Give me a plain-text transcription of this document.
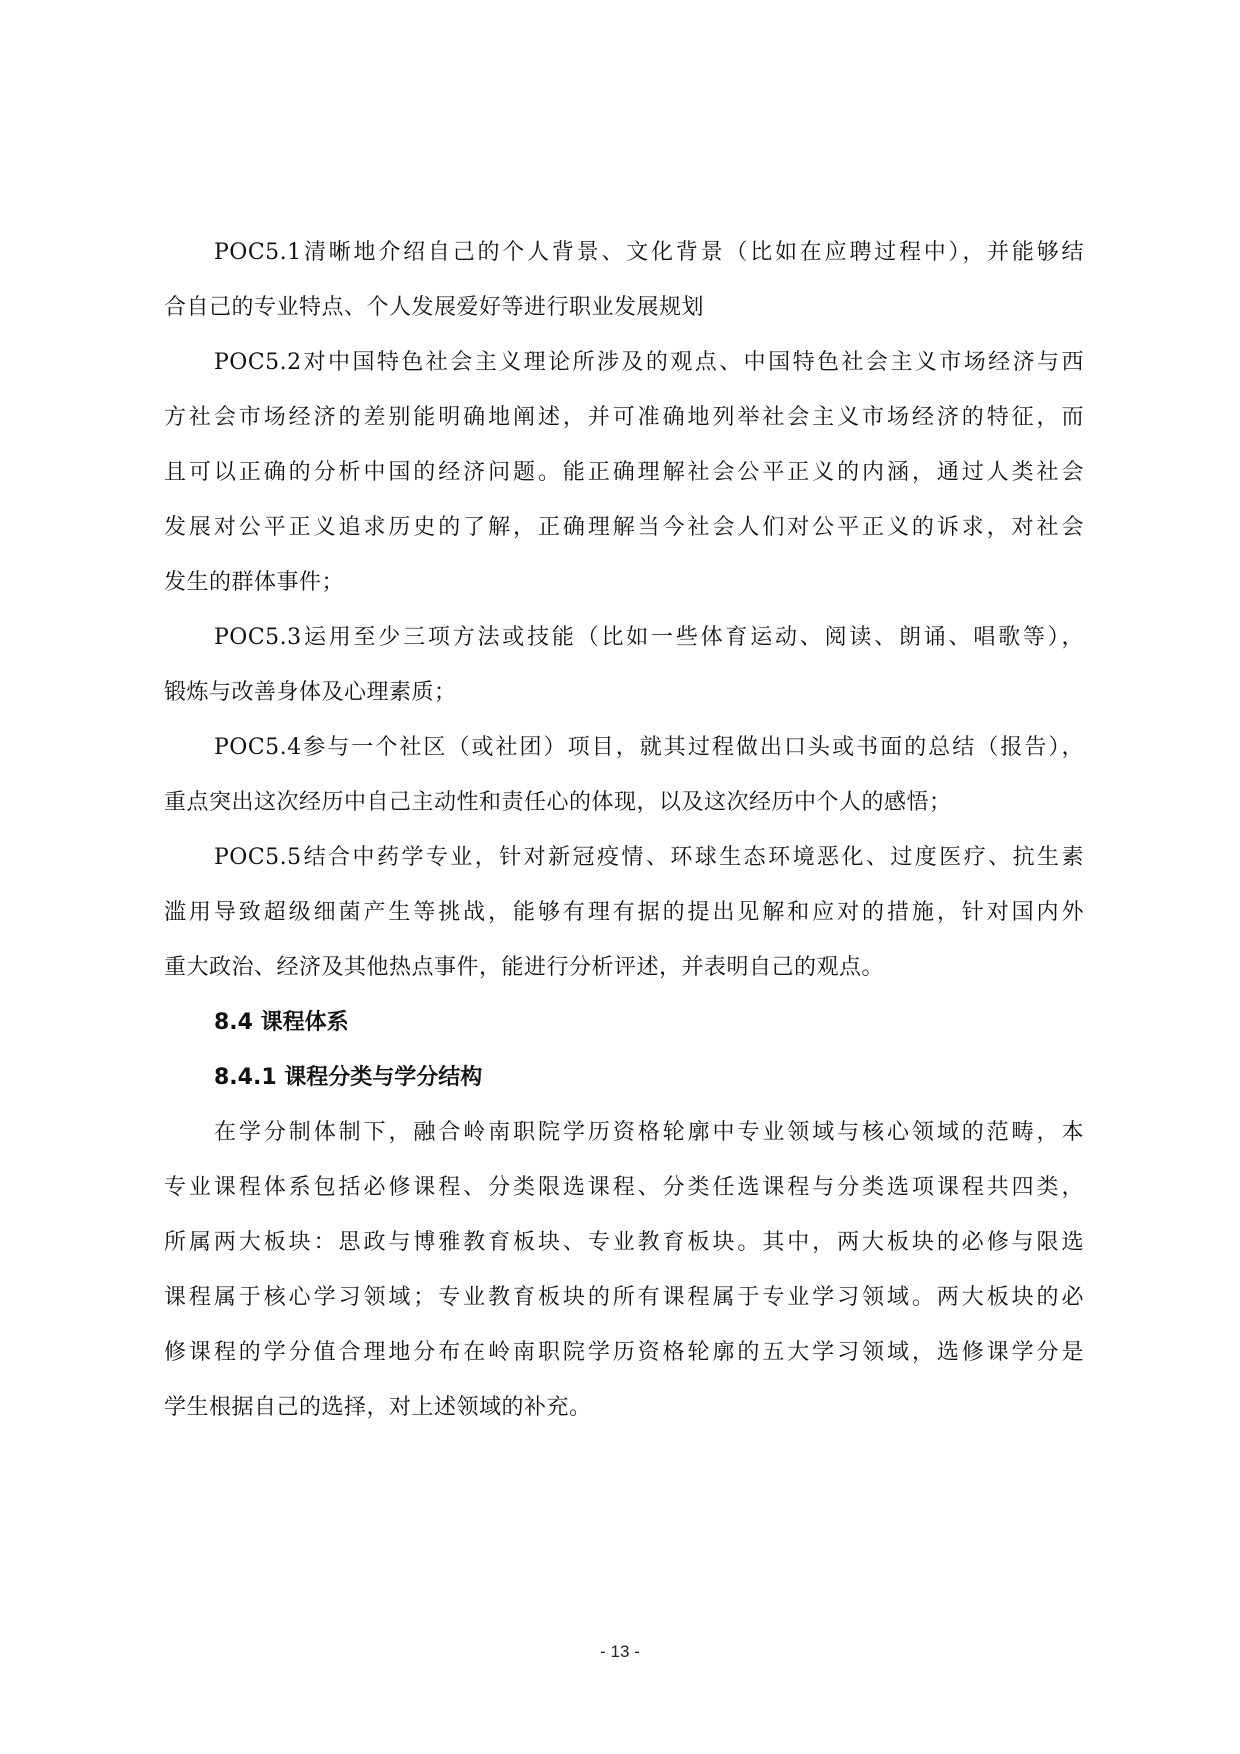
POC5.1清晰地介绍自己的个人背景、文化背景（比如在应聘过程中），并能够结
合自己的专业特点、个人发展爱好等进行职业发展规划
POC5.2对中国特色社会主义理论所涉及的观点、中国特色社会主义市场经济与西
方社会市场经济的差别能明确地阐述，并可准确地列举社会主义市场经济的特征，而
且可以正确的分析中国的经济问题。能正确理解社会公平正义的内涵，通过人类社会
发展对公平正义追求历史的了解，正确理解当今社会人们对公平正义的诉求，对社会
发生的群体事件；
POC5.3运用至少三项方法或技能（比如一些体育运动、阅读、朗诵、唱歌等），
锻炼与改善身体及心理素质；
POC5.4参与一个社区（或社团）项目，就其过程做出口头或书面的总结（报告），
重点突出这次经历中自己主动性和责任心的体现，以及这次经历中个人的感悟；
POC5.5结合中药学专业，针对新冠疫情、环球生态环境恶化、过度医疗、抗生素
滥用导致超级细菌产生等挑战，能够有理有据的提出见解和应对的措施，针对国内外
重大政治、经济及其他热点事件，能进行分析评述，并表明自己的观点。
8.4 课程体系
8.4.1 课程分类与学分结构
在学分制体制下，融合岭南职院学历资格轮廓中专业领域与核心领域的范畴，本
专业课程体系包括必修课程、分类限选课程、分类任选课程与分类选项课程共四类，
所属两大板块：思政与博雅教育板块、专业教育板块。其中，两大板块的必修与限选
课程属于核心学习领域；专业教育板块的所有课程属于专业学习领域。两大板块的必
修课程的学分值合理地分布在岭南职院学历资格轮廓的五大学习领域，选修课学分是
学生根据自己的选择，对上述领域的补充。
- 13 -
